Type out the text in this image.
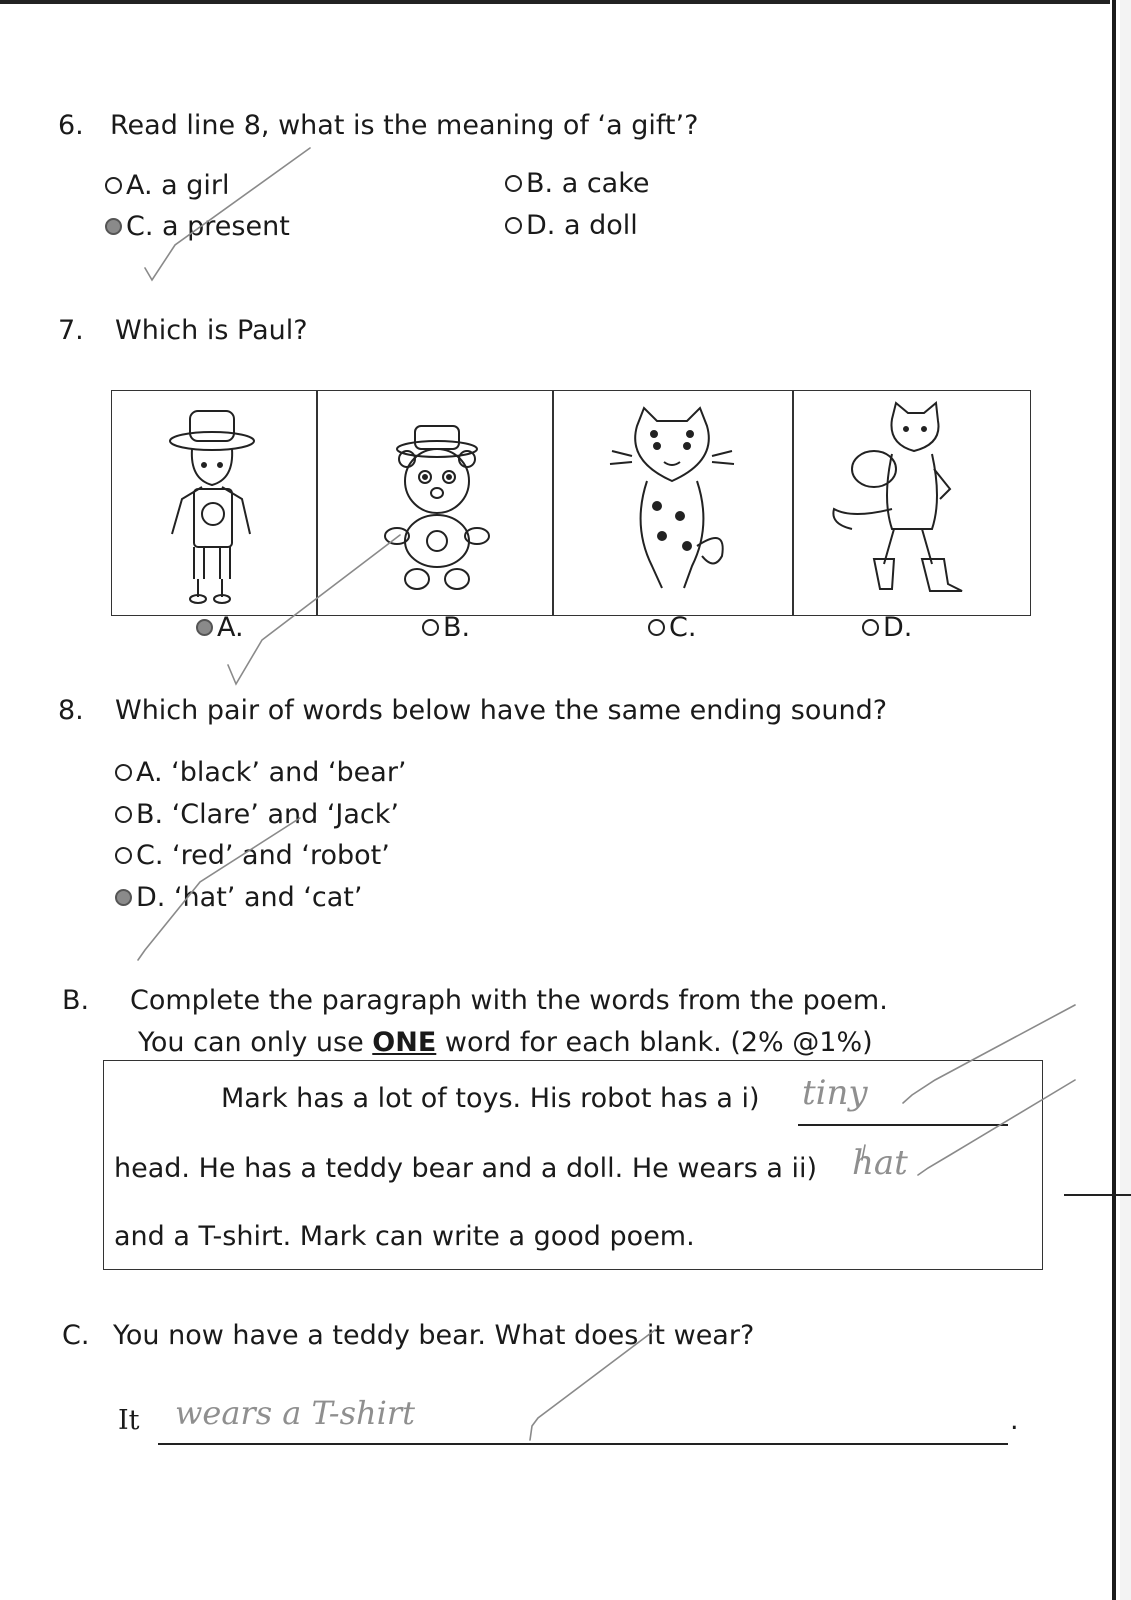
6. Read line 8, what is the meaning of ‘a gift’?
A. a girl	B. a cake
C. a present	D. a doll
7. Which is Paul?
A.	B.	C.	D.
8. Which pair of words below have the same ending sound?
A. ‘black’ and ‘bear’
B. ‘Clare’ and ‘Jack’
C. ‘red’ and ‘robot’
D. ‘hat’ and ‘cat’
B. Complete the paragraph with the words from the poem.
You can only use ONE word for each blank. (2% @1%)
Mark has a lot of toys. His robot has a i)
tiny
head. He has a teddy bear and a doll. He wears a ii) hat
and a T-shirt. Mark can write a good poem.
C. You now have a teddy bear. What does it wear?
It wears a T-shirt	.
